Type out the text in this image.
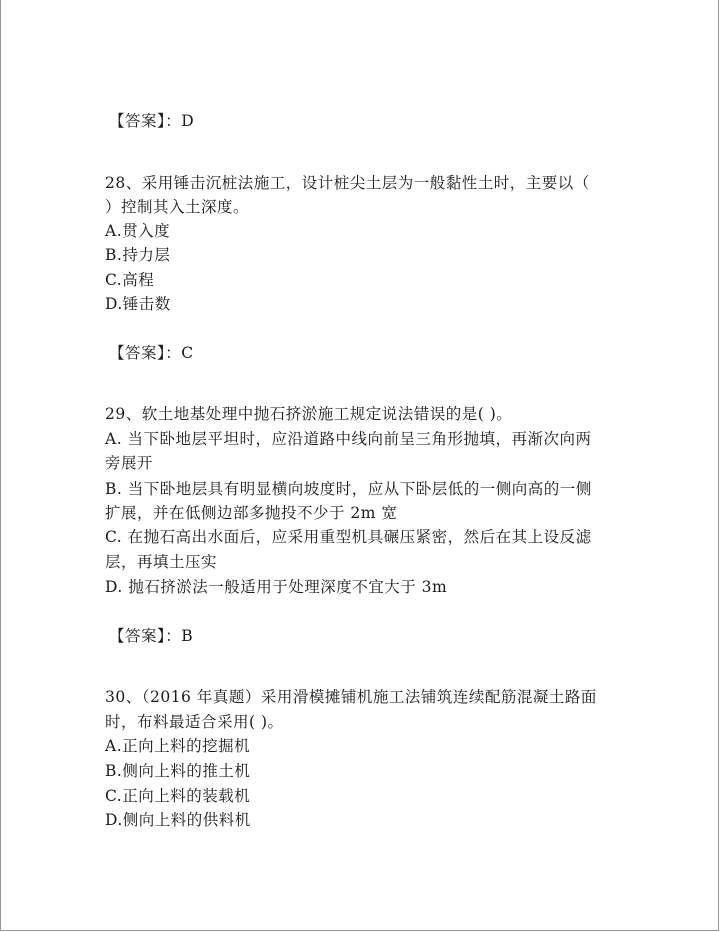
【答案】：D
28、采用锤击沉桩法施工，设计桩尖土层为一般黏性土时，主要以（
）控制其入土深度。
A.贯入度
B.持力层
C.高程
D.锤击数
【答案】：C
29、软土地基处理中抛石挤淤施工规定说法错误的是( )。
A. 当下卧地层平坦时，应沿道路中线向前呈三角形抛填，再渐次向两
旁展开
B. 当下卧地层具有明显横向坡度时，应从下卧层低的一侧向高的一侧
扩展，并在低侧边部多抛投不少于 2m 宽
C. 在抛石高出水面后，应采用重型机具碾压紧密，然后在其上设反滤
层，再填土压实
D. 抛石挤淤法一般适用于处理深度不宜大于 3m
【答案】：B
30、（2016 年真题）采用滑模摊铺机施工法铺筑连续配筋混凝土路面
时，布料最适合采用( )。
A.正向上料的挖掘机
B.侧向上料的推土机
C.正向上料的装载机
D.侧向上料的供料机
